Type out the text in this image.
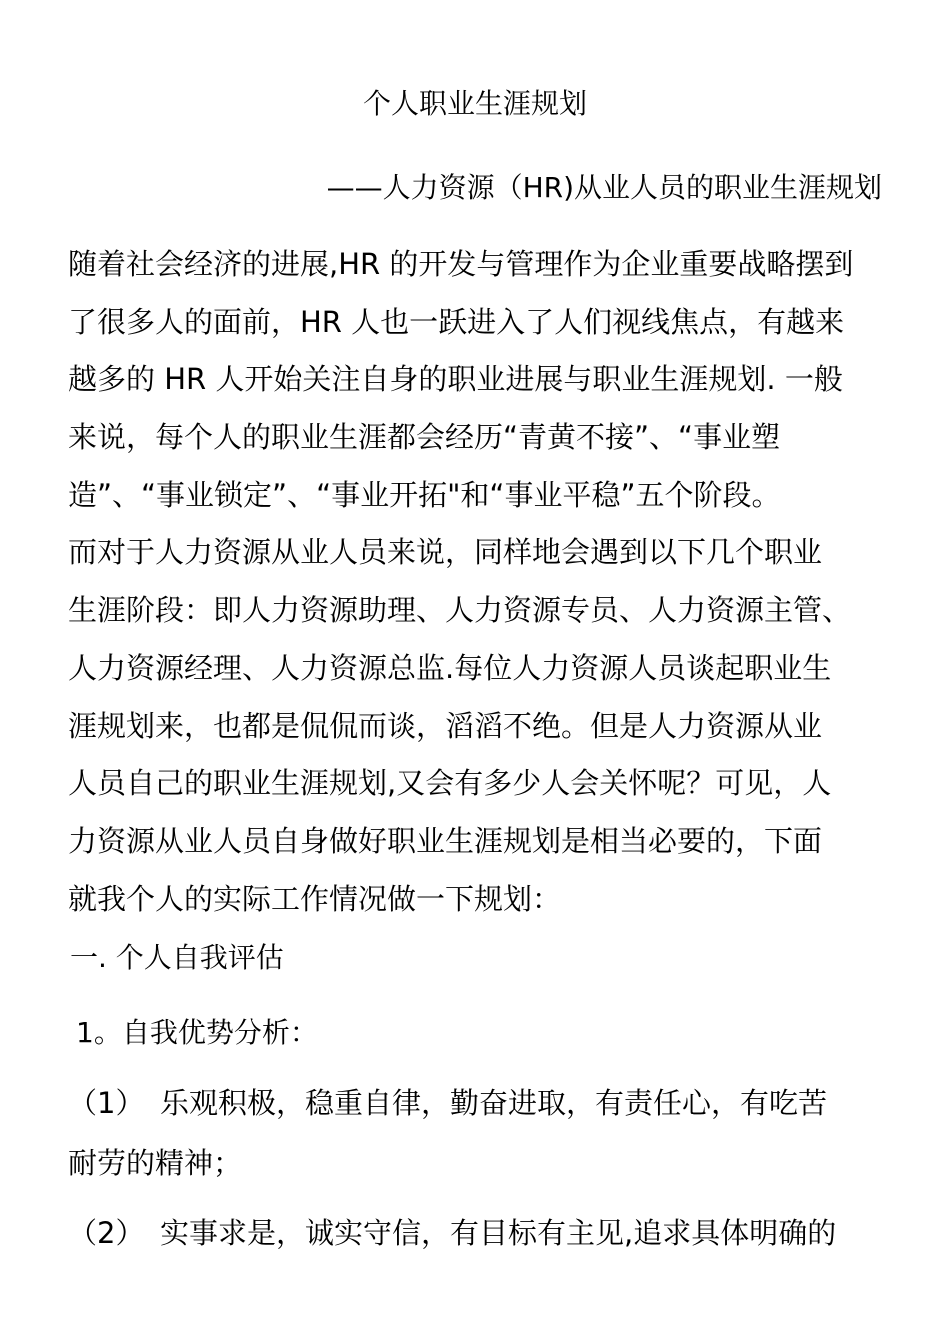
个人职业生涯规划
——人力资源（HR)从业人员的职业生涯规划
随着社会经济的进展,HR 的开发与管理作为企业重要战略摆到
了很多人的面前，HR 人也一跃进入了人们视线焦点，有越来
越多的 HR 人开始关注自身的职业进展与职业生涯规划. 一般
来说，每个人的职业生涯都会经历“青黄不接”、“事业塑
造”、“事业锁定”、“事业开拓"和“事业平稳”五个阶段。
而对于人力资源从业人员来说，同样地会遇到以下几个职业
生涯阶段：即人力资源助理、人力资源专员、人力资源主管、
人力资源经理、人力资源总监.每位人力资源人员谈起职业生
涯规划来，也都是侃侃而谈，滔滔不绝。但是人力资源从业
人员自己的职业生涯规划,又会有多少人会关怀呢？可见，人
力资源从业人员自身做好职业生涯规划是相当必要的，下面
就我个人的实际工作情况做一下规划：
一. 个人自我评估
1。自我优势分析：
（1） 乐观积极，稳重自律，勤奋进取，有责任心，有吃苦
耐劳的精神；
（2） 实事求是，诚实守信，有目标有主见,追求具体明确的
